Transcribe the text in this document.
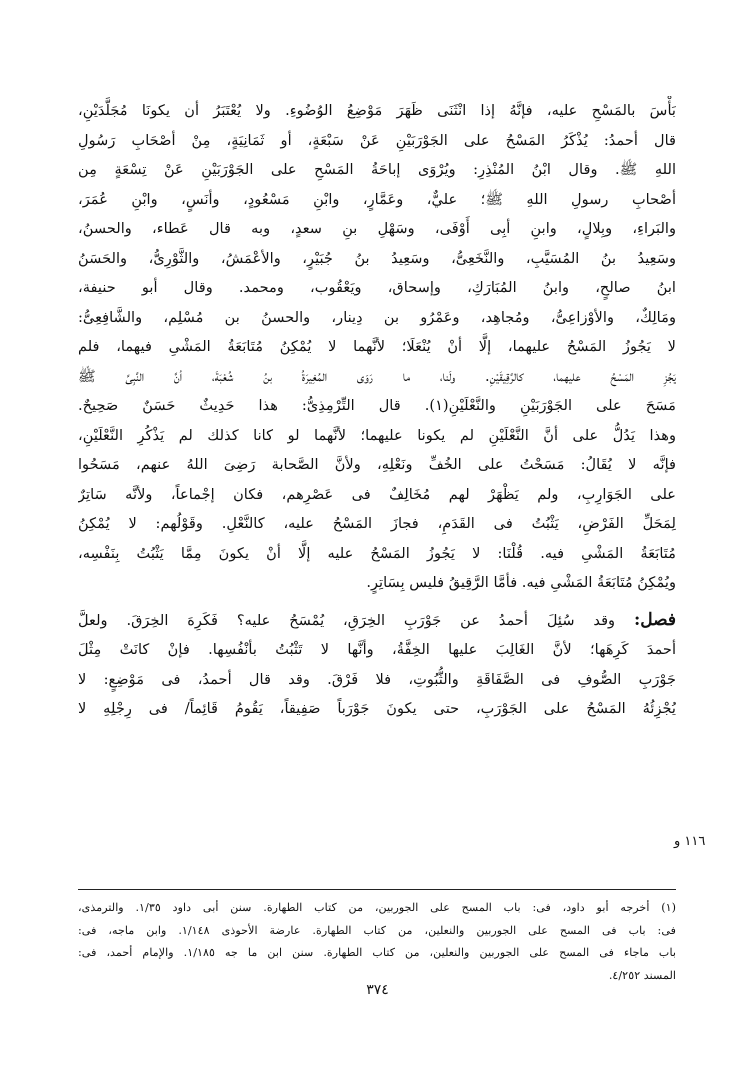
بَأْسَ بالمَسْحِ عليه، فإنَّهُ إذا انْثَنَى ظَهَرَ مَوْضِعُ الوُضُوءِ. ولا يُعْتَبَرُ أن يكونَا مُجَلَّدَيْنِ،
قال أحمدُ: يُذْكَرُ المَسْحُ على الجَوْرَبَيْنِ عَنْ سَبْعَةٍ، أو ثَمَانِيَةٍ، مِنْ أصْحَابِ رَسُولِ
اللهِ ﷺ. وقال ابْنُ المُنْذِرِ: ويُرْوَى إباحَةُ المَسْحِ على الجَوْرَبَيْنِ عَنْ تِسْعَةٍ مِن
أصْحابِ رسولِ اللهِ ﷺ؛ عليٌّ، وعَمَّارٍ، وابْنِ مَسْعُودٍ، وأنَسٍ، وابْنِ عُمَرَ،
والبَراءِ، وبِلالٍ، وابنِ أبِى أَوْفَى، وسَهْلِ بنِ سعدٍ، وبه قال عَطاء، والحسنُ،
وسَعِيدُ بنُ المُسَيَّبِ، والنَّخَعِىُّ، وسَعِيدُ بنُ جُبَيْرٍ، والأعْمَشُ، والثَّوْرِىُّ، والحَسَنُ
ابنُ صالحٍ، وابنُ المُبَارَكِ، وإسحاق، ويَعْقُوب، ومحمد. وقال أبو حنيفة،
ومَالِكٌ، والأوْزاعِىُّ، ومُجاهِد، وعَمْرُو بن دِينار، والحسنُ بن مُسْلِم، والشَّافِعِىُّ:
لا يَجُوزُ المَسْحُ عليهما، إلَّا أنْ يُنْعَلَا؛ لأنَّهما لا يُمْكِنُ مُتَابَعَةُ المَشْىِ فيهما، فلم
يَجُزِ المَسْحُ عليهما، كالرَّقِيقَيْنِ. ولَنا، ما رَوَى المُغِيرَةُ بنُ شُعْبَةَ، أنَّ النَّبِىَّ ﷺ
مَسَحَ على الجَوْرَبَيْنِ والنَّعْلَيْنِ(١). قال التِّرْمِذِىُّ: هذا حَدِيثٌ حَسَنٌ صَحِيحٌ.
وهذا يَدُلُّ على أنَّ النَّعْلَيْنِ لم يكونا عليهما؛ لأنَّهما لو كانا كذلك لم يَذْكُرِ النَّعْلَيْنِ،
فإنَّه لا يُقَالُ: مَسَحْتُ على الخُفِّ ونَعْلِهِ، ولأنَّ الصَّحابة رَضِىَ اللهُ عنهم، مَسَحُوا
على الجَوَارِبِ، ولم يَظْهَرْ لهم مُخَالِفٌ فى عَصْرِهم، فكان إجْماعاً، ولأنَّه سَاتِرٌ
لِمَحَلِّ الفَرْضِ، يَثْبُتُ فى القَدَمِ، فجازَ المَسْحُ عليه، كالنَّعْلِ. وقَوْلُهم: لا يُمْكِنُ
مُتَابَعَةُ المَشْىِ فيه. قُلْنَا: لا يَجُوزُ المَسْحُ عليه إلَّا أنْ يكونَ مِمَّا يَثْبُتُ بِنَفْسِه،
ويُمْكِنُ مُتَابَعَةُ المَشْىِ فيه. فأمَّا الرَّقِيقُ فليس بِسَاتِرٍ.
فصل: وقد سُئِلَ أحمدُ عن جَوْرَبِ الخِرَقِ، يُمْسَحُ عليه؟ فَكَرِهَ الخِرَقَ. ولعلَّ
أحمدَ كَرِهَها؛ لأنَّ الغَالِبَ عليها الخِفَّةُ، وأنَّها لا تَثْبُتُ بأنْفُسِها. فإنْ كانَتْ مِثْلَ
جَوْرَبِ الصُّوفِ فى الصَّفَاقَةِ والثُّبُوتِ، فلا فَرْقَ. وقد قال أحمدُ، فى مَوْضِعٍ: لا
يُجْزِئُهُ المَسْحُ على الجَوْرَبِ، حتى يكونَ جَوْرَباً صَفِيقاً، يَقُومُ قَائِماً/ فى رِجْلِهِ لا
١١٦ و
(١) أخرجه أبو داود، فى: باب المسح على الجوربين، من كتاب الطهارة. سنن أبى داود ١/٣٥. والترمذى،
فى: باب فى المسح على الجوربين والنعلين، من كتاب الطهارة. عارضة الأحوذى ١/١٤٨. وابن ماجه، فى:
باب ماجاء فى المسح على الجوربين والنعلين، من كتاب الطهارة. سنن ابن ما جه ١/١٨٥. والإمام أحمد، فى:
المسند ٤/٢٥٢.
٣٧٤
